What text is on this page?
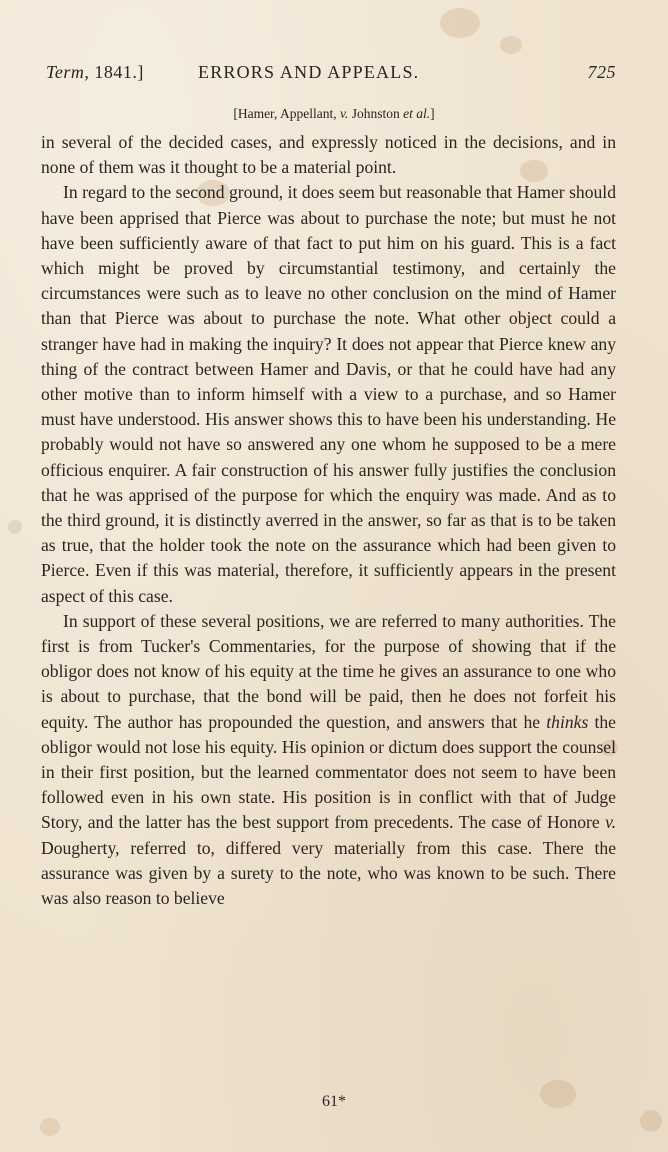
Term, 1841.]	ERRORS AND APPEALS.	725
[Hamer, Appellant, v. Johnston et al.]

in several of the decided cases, and expressly noticed in the decisions, and in none of them was it thought to be a material point.

In regard to the second ground, it does seem but reasonable that Hamer should have been apprised that Pierce was about to purchase the note; but must he not have been sufficiently aware of that fact to put him on his guard. This is a fact which might be proved by circumstantial testimony, and certainly the circumstances were such as to leave no other conclusion on the mind of Hamer than that Pierce was about to purchase the note. What other object could a stranger have had in making the inquiry? It does not appear that Pierce knew any thing of the contract between Hamer and Davis, or that he could have had any other motive than to inform himself with a view to a purchase, and so Hamer must have understood. His answer shows this to have been his understanding. He probably would not have so answered any one whom he supposed to be a mere officious enquirer. A fair construction of his answer fully justifies the conclusion that he was apprised of the purpose for which the enquiry was made. And as to the third ground, it is distinctly averred in the answer, so far as that is to be taken as true, that the holder took the note on the assurance which had been given to Pierce. Even if this was material, therefore, it sufficiently appears in the present aspect of this case.

In support of these several positions, we are referred to many authorities. The first is from Tucker's Commentaries, for the purpose of showing that if the obligor does not know of his equity at the time he gives an assurance to one who is about to purchase, that the bond will be paid, then he does not forfeit his equity. The author has propounded the question, and answers that he thinks the obligor would not lose his equity. His opinion or dictum does support the counsel in their first position, but the learned commentator does not seem to have been followed even in his own state. His position is in conflict with that of Judge Story, and the latter has the best support from precedents. The case of Honore v. Dougherty, referred to, differed very materially from this case. There the assurance was given by a surety to the note, who was known to be such. There was also reason to believe

61*
